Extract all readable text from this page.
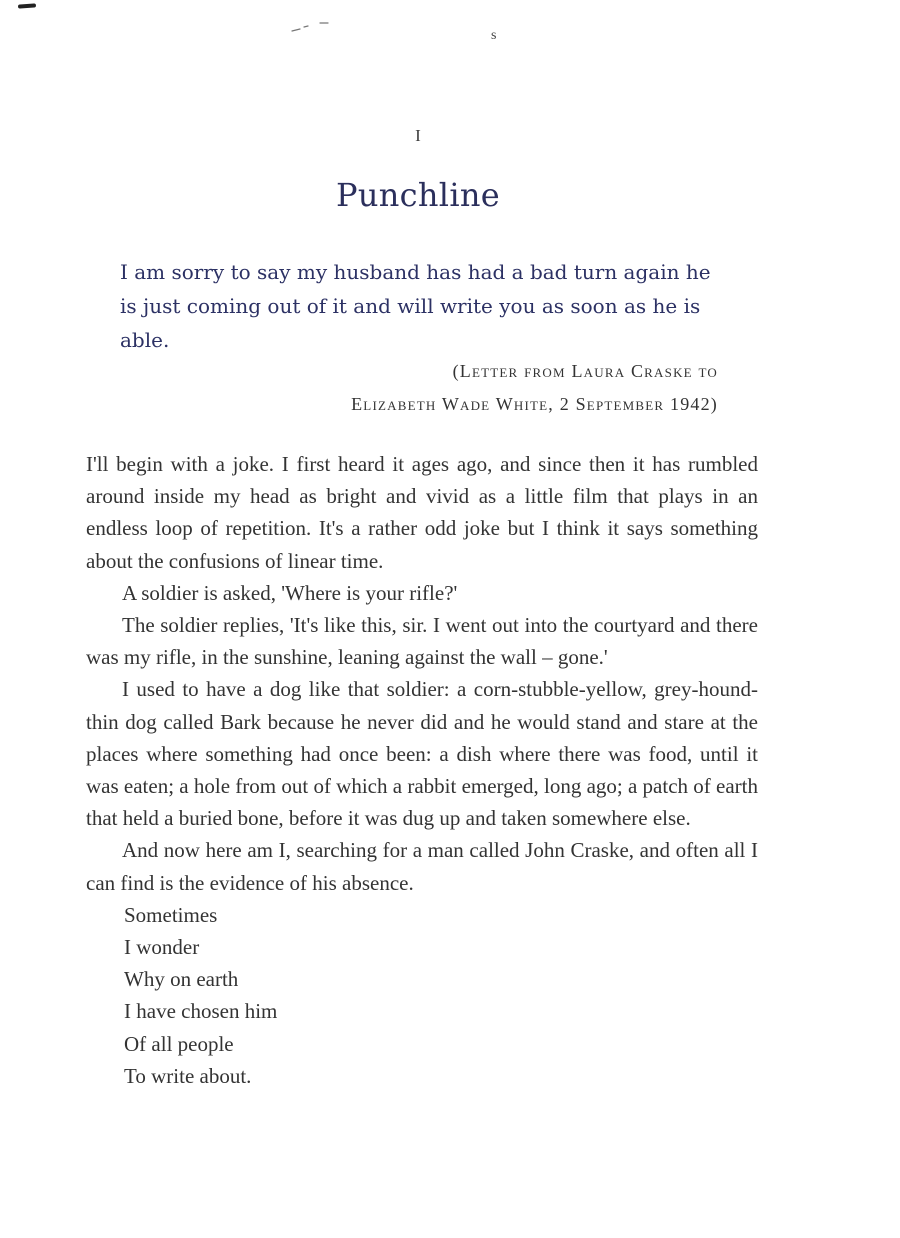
s
I
Punchline

I am sorry to say my husband has had a bad turn again he is just coming out of it and will write you as soon as he is able.

(Letter from Laura Craske to
Elizabeth Wade White, 2 September 1942)

I'll begin with a joke. I first heard it ages ago, and since then it has rumbled around inside my head as bright and vivid as a little film that plays in an endless loop of repetition. It's a rather odd joke but I think it says something about the confusions of linear time.

A soldier is asked, 'Where is your rifle?'

The soldier replies, 'It's like this, sir. I went out into the courtyard and there was my rifle, in the sunshine, leaning against the wall – gone.'

I used to have a dog like that soldier: a corn-stubble-yellow, grey-hound-thin dog called Bark because he never did and he would stand and stare at the places where something had once been: a dish where there was food, until it was eaten; a hole from out of which a rabbit emerged, long ago; a patch of earth that held a buried bone, before it was dug up and taken somewhere else.

And now here am I, searching for a man called John Craske, and often all I can find is the evidence of his absence.

Sometimes
I wonder
Why on earth
I have chosen him
Of all people
To write about.
